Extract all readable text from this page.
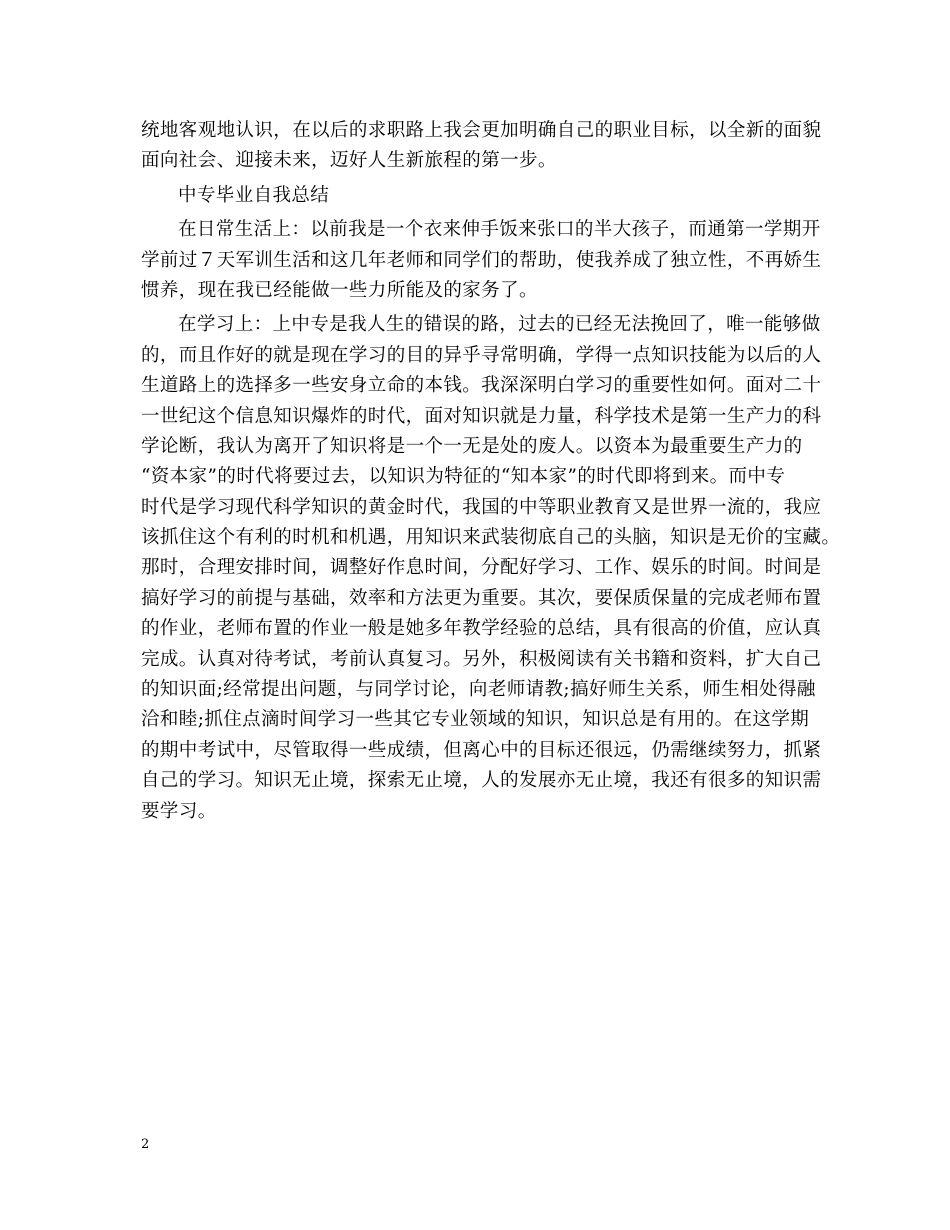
统地客观地认识，在以后的求职路上我会更加明确自己的职业目标，以全新的面貌
面向社会、迎接未来，迈好人生新旅程的第一步。
中专毕业自我总结
在日常生活上：以前我是一个衣来伸手饭来张口的半大孩子，而通第一学期开
学前过７天军训生活和这几年老师和同学们的帮助，使我养成了独立性，不再娇生
惯养，现在我已经能做一些力所能及的家务了。
在学习上：上中专是我人生的错误的路，过去的已经无法挽回了，唯一能够做
的，而且作好的就是现在学习的目的异乎寻常明确，学得一点知识技能为以后的人
生道路上的选择多一些安身立命的本钱。我深深明白学习的重要性如何。面对二十
一世纪这个信息知识爆炸的时代，面对知识就是力量，科学技术是第一生产力的科
学论断，我认为离开了知识将是一个一无是处的废人。以资本为最重要生产力的
“资本家”的时代将要过去，以知识为特征的“知本家”的时代即将到来。而中专
时代是学习现代科学知识的黄金时代，我国的中等职业教育又是世界一流的，我应
该抓住这个有利的时机和机遇，用知识来武装彻底自己的头脑，知识是无价的宝藏。
那时，合理安排时间，调整好作息时间，分配好学习、工作、娱乐的时间。时间是
搞好学习的前提与基础，效率和方法更为重要。其次，要保质保量的完成老师布置
的作业，老师布置的作业一般是她多年教学经验的总结，具有很高的价值，应认真
完成。认真对待考试，考前认真复习。另外，积极阅读有关书籍和资料，扩大自己
的知识面;经常提出问题，与同学讨论，向老师请教;搞好师生关系，师生相处得融
洽和睦;抓住点滴时间学习一些其它专业领域的知识，知识总是有用的。在这学期
的期中考试中，尽管取得一些成绩，但离心中的目标还很远，仍需继续努力，抓紧
自己的学习。知识无止境，探索无止境，人的发展亦无止境，我还有很多的知识需
要学习。
2
